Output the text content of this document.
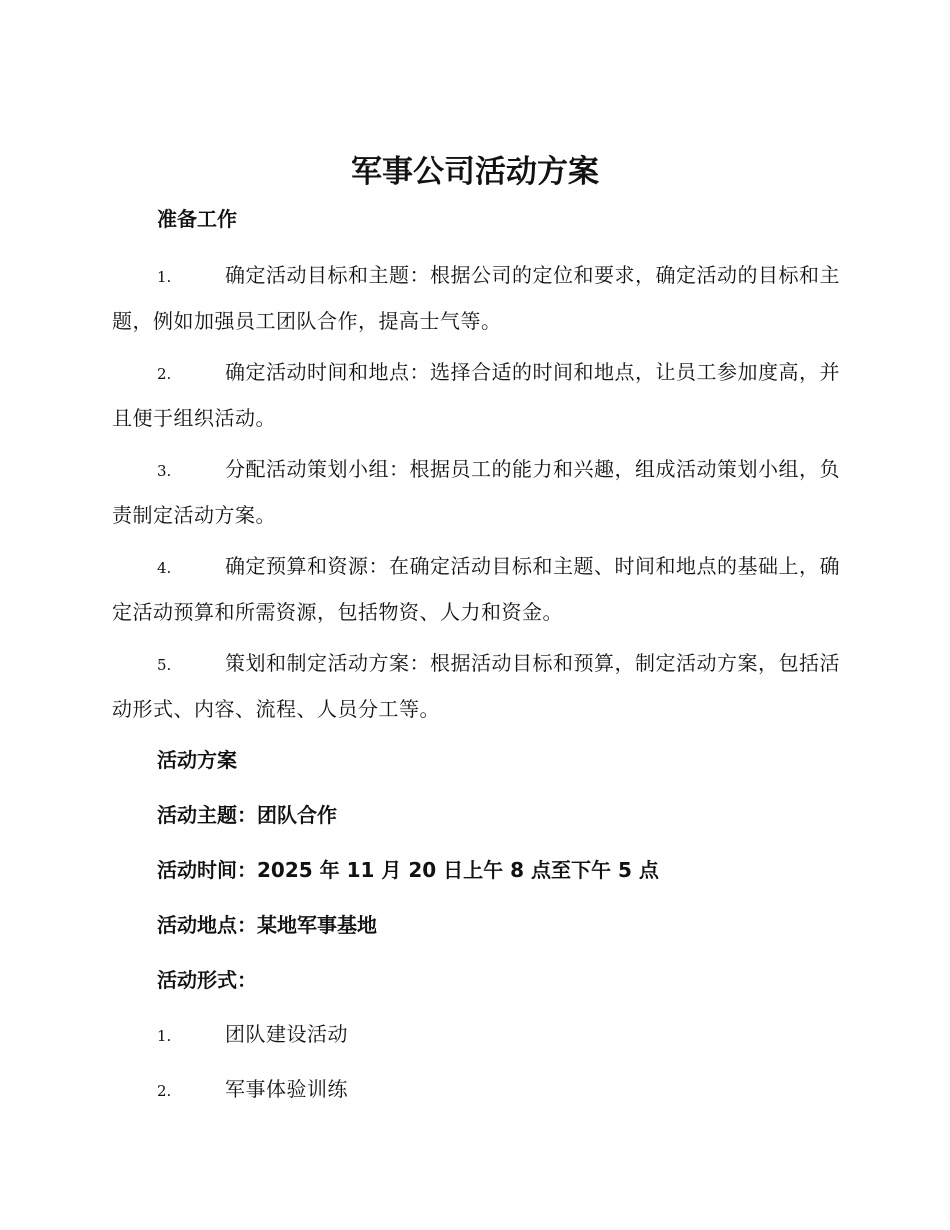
军事公司活动方案
准备工作

1.	确定活动目标和主题：根据公司的定位和要求，确定活动的目标和主题，例如加强员工团队合作，提高士气等。

2.	确定活动时间和地点：选择合适的时间和地点，让员工参加度高，并且便于组织活动。

3.	分配活动策划小组：根据员工的能力和兴趣，组成活动策划小组，负责制定活动方案。

4.	确定预算和资源：在确定活动目标和主题、时间和地点的基础上，确定活动预算和所需资源，包括物资、人力和资金。

5.	策划和制定活动方案：根据活动目标和预算，制定活动方案，包括活动形式、内容、流程、人员分工等。

活动方案

活动主题：团队合作

活动时间：2025 年 11 月 20 日上午 8 点至下午 5 点

活动地点：某地军事基地

活动形式：

1.	团队建设活动

2.	军事体验训练
